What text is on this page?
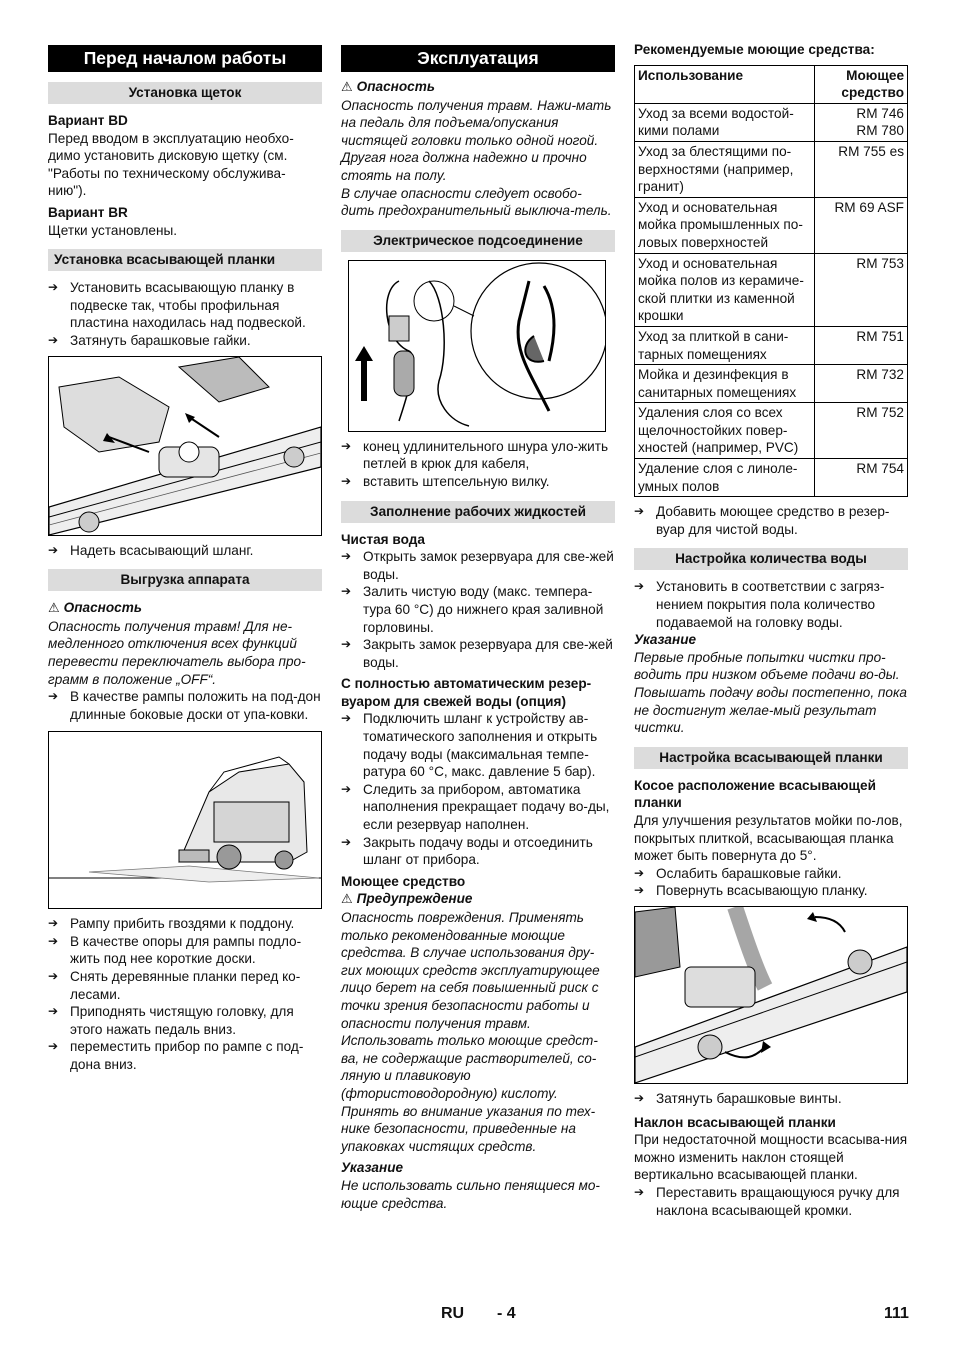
Перед началом работы
Установка щеток
Вариант BD

Перед вводом в эксплуатацию необхо-димо установить дисковую щетку (см. "Работы по техническому обслужива-нию").

Вариант BR

Щетки установлены.

Установка всасывающей планки

➔ Установить всасывающую планку в подвеске так, чтобы профильная пластина находилась над подвеской.

➔ Затянуть барашковые гайки.

➔ Надеть всасывающий шланг.

Выгрузка аппарата
⚠ Опасность

Опасность получения травм! Для не-медленного отключения всех функций перевести переключатель выбора про-грамм в положение „OFF“.

➔ В качестве рампы положить на под-дон длинные боковые доски от упа-ковки.

➔ Рампу прибить гвоздями к поддону.

➔ В качестве опоры для рампы подло-жить под нее короткие доски.

➔ Снять деревянные планки перед ко-лесами.

➔ Приподнять чистящую головку, для этого нажать педаль вниз.

➔ переместить прибор по рампе с под-дона вниз.

Эксплуатация
⚠ Опасность

Опасность получения травм. Нажи-мать на педаль для подъема/опускания чистящей головки только одной ногой. Другая нога должна надежно и прочно стоять на полу.

В случае опасности следует освобо-дить предохранительный выключа-тель.

Электрическое подсоединение

➔ конец удлинительного шнура уло-жить петлей в крюк для кабеля,

➔ вставить штепсельную вилку.

Заполнение рабочих жидкостей
Чистая вода

➔ Открыть замок резервуара для све-жей воды.

➔ Залить чистую воду (макс. темпера-тура 60 °C) до нижнего края заливной горловины.

➔ Закрыть замок резервуара для све-жей воды.

С полностью автоматическим резер-вуаром для свежей воды (опция)

➔ Подключить шланг к устройству ав-томатического заполнения и открыть подачу воды (максимальная темпе-ратура 60 °C, макс. давление 5 бар).

➔ Следить за прибором, автоматика наполнения прекращает подачу во-ды, если резервуар наполнен.

➔ Закрыть подачу воды и отсоединить шланг от прибора.

Моющее средство
⚠ Предупреждение

Опасность повреждения. Применять только рекомендованные моющие средства. В случае использования дру-гих моющих средств эксплуатирующее лицо берет на себя повышенный риск с точки зрения безопасности работы и опасности получения травм. Использовать только моющие средст-ва, не содержащие растворителей, со-ляную и плавиковую (фтористоводородную) кислоту. Принять во внимание указания по тех-нике безопасности, приведенные на упаковках чистящих средств.

Указание

Не использовать сильно пенящиеся мо-ющие средства.

Рекомендуемые моющие средства:
Использование	Моющее средство
Уход за всеми водостой-кими полами	RM 746
RM 780
Уход за блестящими по-верхностями (например, гранит)	RM 755 es
Уход и основательная мойка промышленных по-ловых поверхностей	RM 69 ASF
Уход и основательная мойка полов из керамиче-ской плитки из каменной крошки	RM 753
Уход за плиткой в сани-тарных помещениях	RM 751
Мойка и дезинфекция в санитарных помещениях	RM 732
Удаления слоя со всех щелочностойких повер-хностей (например, PVC)	RM 752
Удаление слоя с линоле-умных полов	RM 754

➔ Добавить моющее средство в резер-вуар для чистой воды.

Настройка количества воды

➔ Установить в соответствии с загряз-нением покрытия пола количество подаваемой на головку воды.

Указание

Первые пробные попытки чистки про-водить при низком объеме подачи во-ды. Повышать подачу воды постепенно, пока не достигнут желае-мый результат чистки.

Настройка всасывающей планки
Косое расположение всасывающей планки

Для улучшения результатов мойки по-лов, покрытых плиткой, всасывающая планка может быть повернута до 5°.

➔ Ослабить барашковые гайки.

➔ Повернуть всасывающую планку.

➔ Затянуть барашковые винты.

Наклон всасывающей планки

При недостаточной мощности всасыва-ния можно изменить наклон стоящей вертикально всасывающей планки.

➔ Переставить вращающуюся ручку для наклона всасывающей кромки.

RU - 4	111
